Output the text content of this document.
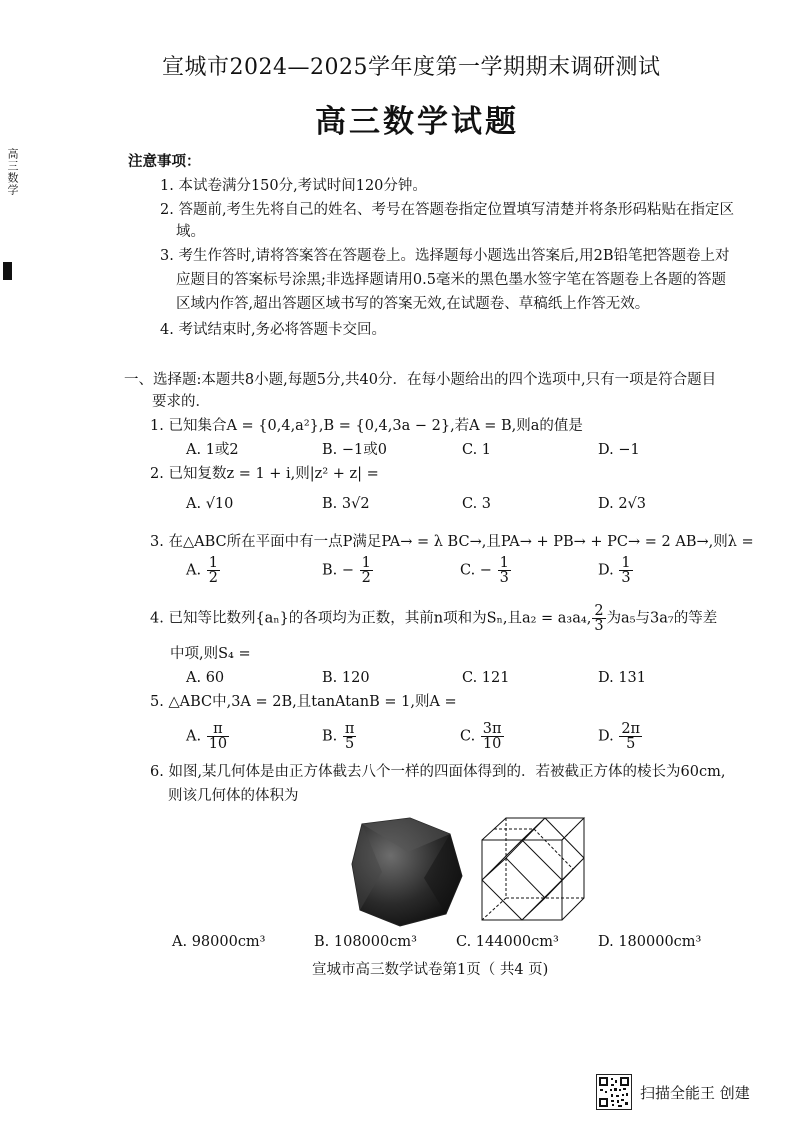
高三数学
宣城市2024—2025学年度第一学期期末调研测试
高三数学试题
注意事项：
1. 本试卷满分150分,考试时间120分钟。
2. 答题前,考生先将自己的姓名、考号在答题卷指定位置填写清楚并将条形码粘贴在指定区
域。
3. 考生作答时,请将答案答在答题卷上。选择题每小题选出答案后,用2B铅笔把答题卷上对
应题目的答案标号涂黑;非选择题请用0.5毫米的黑色墨水签字笔在答题卷上各题的答题
区域内作答,超出答题区域书写的答案无效,在试题卷、草稿纸上作答无效。
4. 考试结束时,务必将答题卡交回。
一、选择题:本题共8小题,每题5分,共40分．在每小题给出的四个选项中,只有一项是符合题目
要求的．
1. 已知集合A = {0,4,a²},B = {0,4,3a − 2},若A = B,则a的值是
A. 1或2	B. −1或0	C. 1	D. −1
2. 已知复数z = 1 + i,则|z² + z| =
A. √10	B. 3√2	C. 3	D. 2√3
3. 在△ABC所在平面中有一点P满足PA→ = λ BC→,且PA→ + PB→ + PC→ = 2 AB→,则λ =
A. $\frac{1}{2}$	B. − $\frac{1}{2}$	C. − $\frac{1}{3}$	D. $\frac{1}{3}$
4. 已知等比数列{aₙ}的各项均为正数，其前n项和为Sₙ,且a₂ = a₃a₄, $\frac{2}{3}$ 为a₅与3a₇的等差
中项,则S₄ =
A. 60	B. 120	C. 121	D. 131
5. △ABC中,3A = 2B,且tanAtanB = 1,则A =
A. $\frac{\pi}{10}$	B. $\frac{\pi}{5}$	C. $\frac{3\pi}{10}$	D. $\frac{2\pi}{5}$
6. 如图,某几何体是由正方体截去八个一样的四面体得到的．若被截正方体的棱长为60cm,
则该几何体的体积为
A. 98000cm³	B. 108000cm³	C. 144000cm³	D. 180000cm³
宣城市高三数学试卷第1页（ 共4 页)
扫描全能王 创建
